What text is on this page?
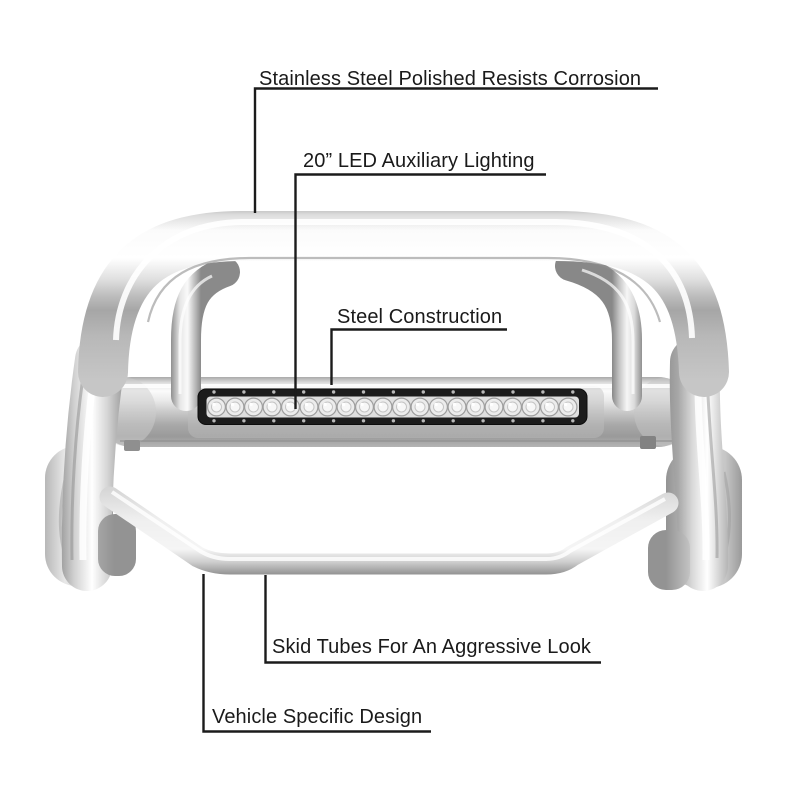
Stainless Steel Polished Resists Corrosion
20” LED Auxiliary Lighting
Steel Construction
Skid Tubes For An Aggressive Look
Vehicle Specific Design
